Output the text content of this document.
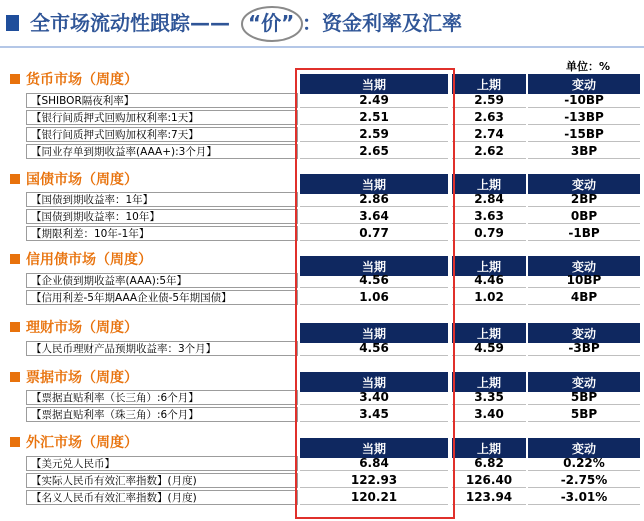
全市场流动性跟踪—— “价” ：资金利率及汇率
单位：%
货币市场（周度）	当期	上期	变动
【SHIBOR隔夜利率】	2.49	2.59	-10BP
【银行间质押式回购加权利率:1天】	2.51	2.63	-13BP
【银行间质押式回购加权利率:7天】	2.59	2.74	-15BP
【同业存单到期收益率(AAA+):3个月】	2.65	2.62	3BP
国债市场（周度）	当期	上期	变动
【国债到期收益率：1年】	2.86	2.84	2BP
【国债到期收益率：10年】	3.64	3.63	0BP
【期限利差：10年-1年】	0.77	0.79	-1BP
信用债市场（周度）	当期	上期	变动
【企业债到期收益率(AAA):5年】	4.56	4.46	10BP
【信用利差-5年期AAA企业债-5年期国债】	1.06	1.02	4BP
理财市场（周度）	当期	上期	变动
【人民币理财产品预期收益率：3个月】	4.56	4.59	-3BP
票据市场（周度）	当期	上期	变动
【票据直贴利率（长三角）:6个月】	3.40	3.35	5BP
【票据直贴利率（珠三角）:6个月】	3.45	3.40	5BP
外汇市场（周度）	当期	上期	变动
【美元兑人民币】	6.84	6.82	0.22%
【实际人民币有效汇率指数】(月度)	122.93	126.40	-2.75%
【名义人民币有效汇率指数】(月度)	120.21	123.94	-3.01%
